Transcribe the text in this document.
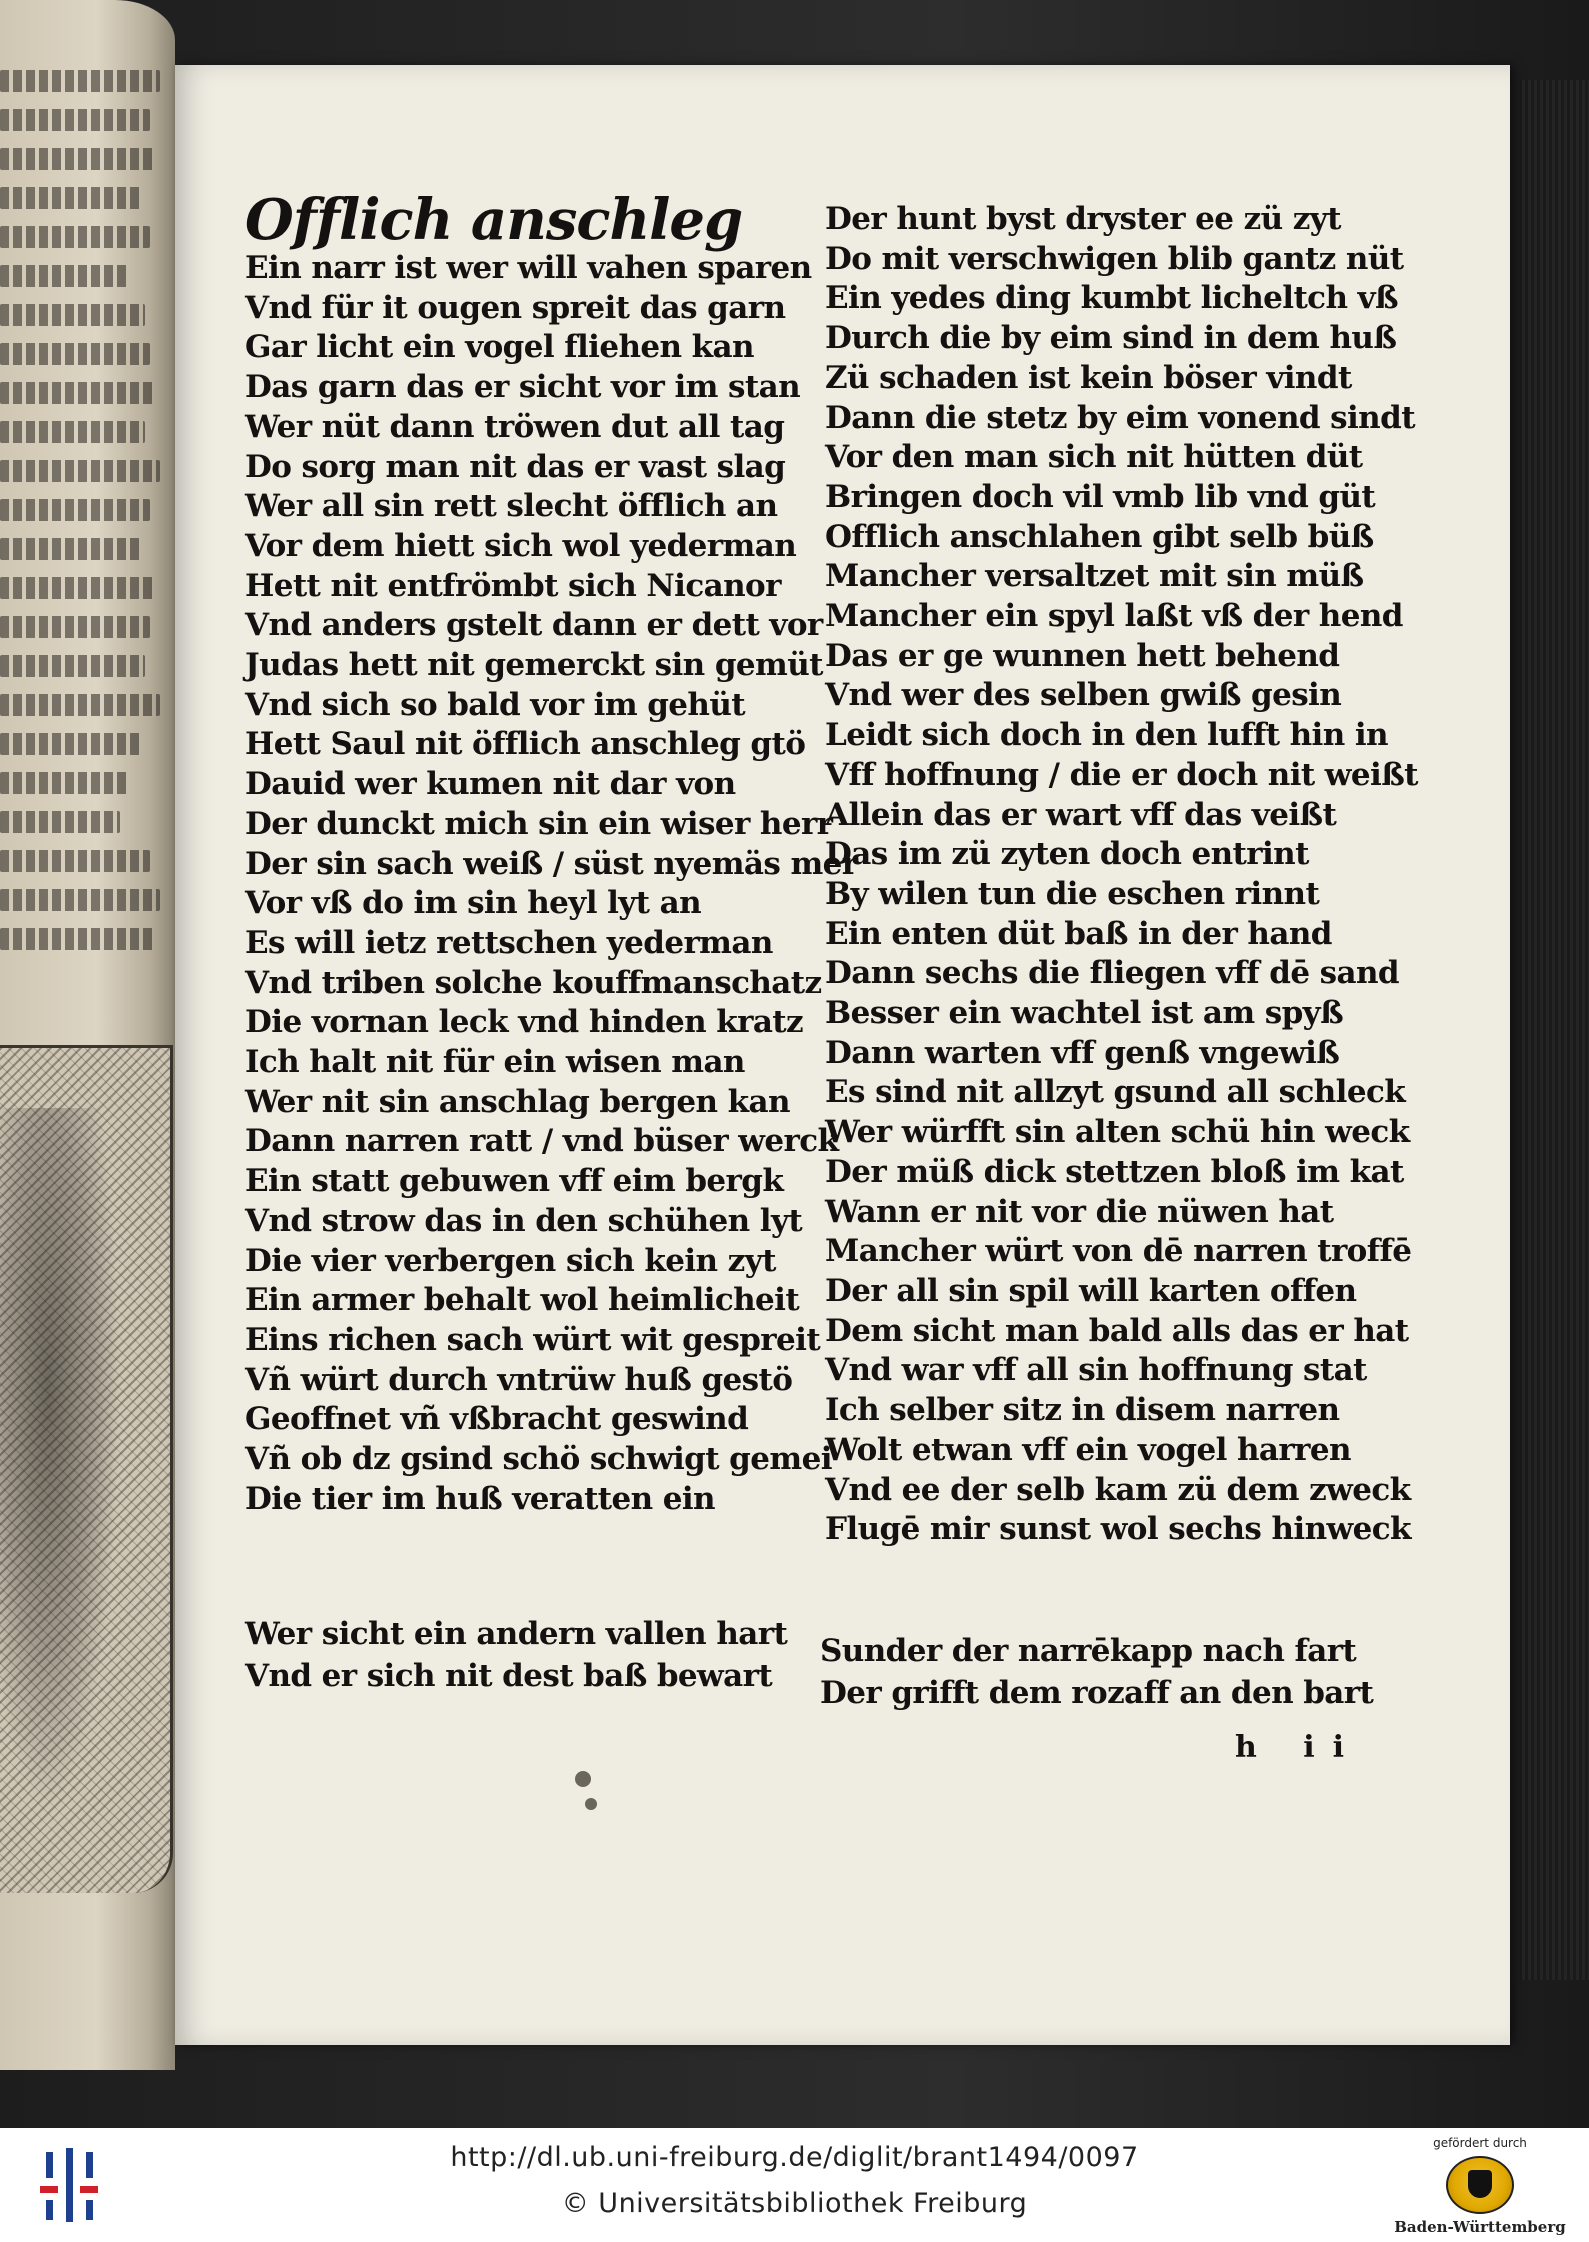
Offlich anschleg
Ein narr ist wer will vahen sparen
Vnd für it ougen spreit das garn
Gar licht ein vogel fliehen kan
Das garn das er sicht vor im stan
Wer nüt dann tröwen dut all tag
Do sorg man nit das er vast slag
Wer all sin rett slecht öfflich an
Vor dem hiett sich wol yederman
Hett nit entfrömbt sich Nicanor
Vnd anders gstelt dann er dett vor
Judas hett nit gemerckt sin gemüt
Vnd sich so bald vor im gehüt
Hett Saul nit öfflich anschleg gtö
Dauid wer kumen nit dar von
Der dunckt mich sin ein wiser herr
Der sin sach weiß / süst nyemäs mer
Vor vß do im sin heyl lyt an
Es will ietz rettschen yederman
Vnd triben solche kouffmanschatz
Die vornan leck vnd hinden kratz
Ich halt nit für ein wisen man
Wer nit sin anschlag bergen kan
Dann narren ratt / vnd büser werck
Ein statt gebuwen vff eim bergk
Vnd strow das in den schühen lyt
Die vier verbergen sich kein zyt
Ein armer behalt wol heimlicheit
Eins richen sach würt wit gespreit
Vñ würt durch vntrüw huß gestö
Geoffnet vñ vßbracht geswind
Vñ ob dz gsind schö schwigt gemei
Die tier im huß veratten ein
Der hunt byst dryster ee zü zyt
Do mit verschwigen blib gantz nüt
Ein yedes ding kumbt licheltch vß
Durch die by eim sind in dem huß
Zü schaden ist kein böser vindt
Dann die stetz by eim vonend sindt
Vor den man sich nit hütten düt
Bringen doch vil vmb lib vnd güt
Offlich anschlahen gibt selb büß
Mancher versaltzet mit sin müß
Mancher ein spyl laßt vß der hend
Das er ge wunnen hett behend
Vnd wer des selben gwiß gesin
Leidt sich doch in den lufft hin in
Vff hoffnung / die er doch nit weißt
Allein das er wart vff das veißt
Das im zü zyten doch entrint
By wilen tun die eschen rinnt
Ein enten düt baß in der hand
Dann sechs die fliegen vff dē sand
Besser ein wachtel ist am spyß
Dann warten vff genß vngewiß
Es sind nit allzyt gsund all schleck
Wer würfft sin alten schü hin weck
Der müß dick stettzen bloß im kat
Wann er nit vor die nüwen hat
Mancher würt von dē narren troffē
Der all sin spil will karten offen
Dem sicht man bald alls das er hat
Vnd war vff all sin hoffnung stat
Ich selber sitz in disem narren
Wolt etwan vff ein vogel harren
Vnd ee der selb kam zü dem zweck
Flugē mir sunst wol sechs hinweck
Wer sicht ein andern vallen hart
Vnd er sich nit dest baß bewart
Sunder der narrēkapp nach fart
Der grifft dem rozaff an den bart
h ii
http://dl.ub.uni-freiburg.de/diglit/brant1494/0097
© Universitätsbibliothek Freiburg
gefördert durch
Baden-Württemberg
